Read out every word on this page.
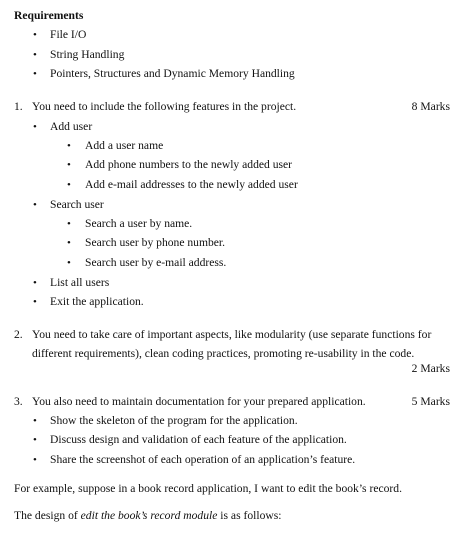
Requirements
• File I/O
• String Handling
• Pointers, Structures and Dynamic Memory Handling
1. You need to include the following features in the project.	8 Marks
• Add user
• Add a user name
• Add phone numbers to the newly added user
• Add e-mail addresses to the newly added user
• Search user
• Search a user by name.
• Search user by phone number.
• Search user by e-mail address.
• List all users
• Exit the application.
2. You need to take care of important aspects, like modularity (use separate functions for
different requirements), clean coding practices, promoting re-usability in the code.
2 Marks
3. You also need to maintain documentation for your prepared application.	5 Marks
• Show the skeleton of the program for the application.
• Discuss design and validation of each feature of the application.
• Share the screenshot of each operation of an application’s feature.
For example, suppose in a book record application, I want to edit the book’s record.
The design of edit the book’s record module is as follows:
